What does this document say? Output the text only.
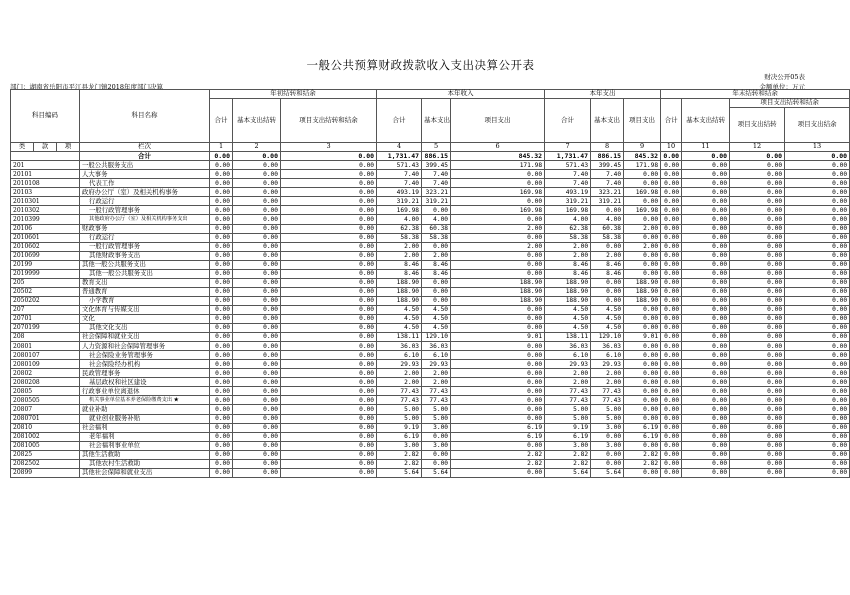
一般公共预算财政拨款收入支出决算公开表
财决公开05表
部门：湖南省岳阳市平江县龙门镇2018年度部门决算	金额单位：万元
科目编码			科目名称	年初结转和结余			本年收入			本年支出			年末结转和结余			
				合计	基本支出结转	项目支出结转和结余	合计	基本支出	项目支出	合计	基本支出	项目支出	合计	基本支出结转	项目支出结转和结余	
															项目支出结转	项目支出结余
类	款	项	栏次	1	2	3	4	5	6	7	8	9	10	11	12	13
			合计	0.00	0.00	0.00	1,731.47	886.15	845.32	1,731.47	886.15	845.32	0.00	0.00	0.00	0.00
201			一般公共服务支出	0.00	0.00	0.00	571.43	399.45	171.98	571.43	399.45	171.98	0.00	0.00	0.00	0.00
20101			人大事务	0.00	0.00	0.00	7.40	7.40	0.00	7.40	7.40	0.00	0.00	0.00	0.00	0.00
2010108			代表工作	0.00	0.00	0.00	7.40	7.40	0.00	7.40	7.40	0.00	0.00	0.00	0.00	0.00
20103			政府办公厅（室）及相关机构事务	0.00	0.00	0.00	493.19	323.21	169.98	493.19	323.21	169.98	0.00	0.00	0.00	0.00
2010301			行政运行	0.00	0.00	0.00	319.21	319.21	0.00	319.21	319.21	0.00	0.00	0.00	0.00	0.00
2010302			一般行政管理事务	0.00	0.00	0.00	169.98	0.00	169.98	169.98	0.00	169.98	0.00	0.00	0.00	0.00
2010399			其他政府办公厅（室）及相关机构事务支出	0.00	0.00	0.00	4.00	4.00	0.00	4.00	4.00	0.00	0.00	0.00	0.00	0.00
20106			财政事务	0.00	0.00	0.00	62.38	60.38	2.00	62.38	60.38	2.00	0.00	0.00	0.00	0.00
2010601			行政运行	0.00	0.00	0.00	58.38	58.38	0.00	58.38	58.38	0.00	0.00	0.00	0.00	0.00
2010602			一般行政管理事务	0.00	0.00	0.00	2.00	0.00	2.00	2.00	0.00	2.00	0.00	0.00	0.00	0.00
2010699			其他财政事务支出	0.00	0.00	0.00	2.00	2.00	0.00	2.00	2.00	0.00	0.00	0.00	0.00	0.00
20199			其他一般公共服务支出	0.00	0.00	0.00	8.46	8.46	0.00	8.46	8.46	0.00	0.00	0.00	0.00	0.00
2019999			其他一般公共服务支出	0.00	0.00	0.00	8.46	8.46	0.00	8.46	8.46	0.00	0.00	0.00	0.00	0.00
205			教育支出	0.00	0.00	0.00	188.90	0.00	188.90	188.90	0.00	188.90	0.00	0.00	0.00	0.00
20502			普通教育	0.00	0.00	0.00	188.90	0.00	188.90	188.90	0.00	188.90	0.00	0.00	0.00	0.00
2050202			小学教育	0.00	0.00	0.00	188.90	0.00	188.90	188.90	0.00	188.90	0.00	0.00	0.00	0.00
207			文化体育与传媒支出	0.00	0.00	0.00	4.50	4.50	0.00	4.50	4.50	0.00	0.00	0.00	0.00	0.00
20701			文化	0.00	0.00	0.00	4.50	4.50	0.00	4.50	4.50	0.00	0.00	0.00	0.00	0.00
2070199			其他文化支出	0.00	0.00	0.00	4.50	4.50	0.00	4.50	4.50	0.00	0.00	0.00	0.00	0.00
208			社会保障和就业支出	0.00	0.00	0.00	138.11	129.10	9.01	138.11	129.10	9.01	0.00	0.00	0.00	0.00
20801			人力资源和社会保障管理事务	0.00	0.00	0.00	36.03	36.03	0.00	36.03	36.03	0.00	0.00	0.00	0.00	0.00
2080107			社会保险业务管理事务	0.00	0.00	0.00	6.10	6.10	0.00	6.10	6.10	0.00	0.00	0.00	0.00	0.00
2080109			社会保险经办机构	0.00	0.00	0.00	29.93	29.93	0.00	29.93	29.93	0.00	0.00	0.00	0.00	0.00
20802			民政管理事务	0.00	0.00	0.00	2.00	2.00	0.00	2.00	2.00	0.00	0.00	0.00	0.00	0.00
2080208			基层政权和社区建设	0.00	0.00	0.00	2.00	2.00	0.00	2.00	2.00	0.00	0.00	0.00	0.00	0.00
20805			行政事业单位离退休	0.00	0.00	0.00	77.43	77.43	0.00	77.43	77.43	0.00	0.00	0.00	0.00	0.00
2080505			机关事业单位基本养老保险缴费支出 ★	0.00	0.00	0.00	77.43	77.43	0.00	77.43	77.43	0.00	0.00	0.00	0.00	0.00
20807			就业补助	0.00	0.00	0.00	5.00	5.00	0.00	5.00	5.00	0.00	0.00	0.00	0.00	0.00
2080701			就业创业服务补贴	0.00	0.00	0.00	5.00	5.00	0.00	5.00	5.00	0.00	0.00	0.00	0.00	0.00
20810			社会福利	0.00	0.00	0.00	9.19	3.00	6.19	9.19	3.00	6.19	0.00	0.00	0.00	0.00
2081002			老年福利	0.00	0.00	0.00	6.19	0.00	6.19	6.19	0.00	6.19	0.00	0.00	0.00	0.00
2081005			社会福利事业单位	0.00	0.00	0.00	3.00	3.00	0.00	3.00	3.00	0.00	0.00	0.00	0.00	0.00
20825			其他生活救助	0.00	0.00	0.00	2.82	0.00	2.82	2.82	0.00	2.82	0.00	0.00	0.00	0.00
2082502			其他农村生活救助	0.00	0.00	0.00	2.82	0.00	2.82	2.82	0.00	2.82	0.00	0.00	0.00	0.00
20899			其他社会保障和就业支出	0.00	0.00	0.00	5.64	5.64	0.00	5.64	5.64	0.00	0.00	0.00	0.00	0.00
